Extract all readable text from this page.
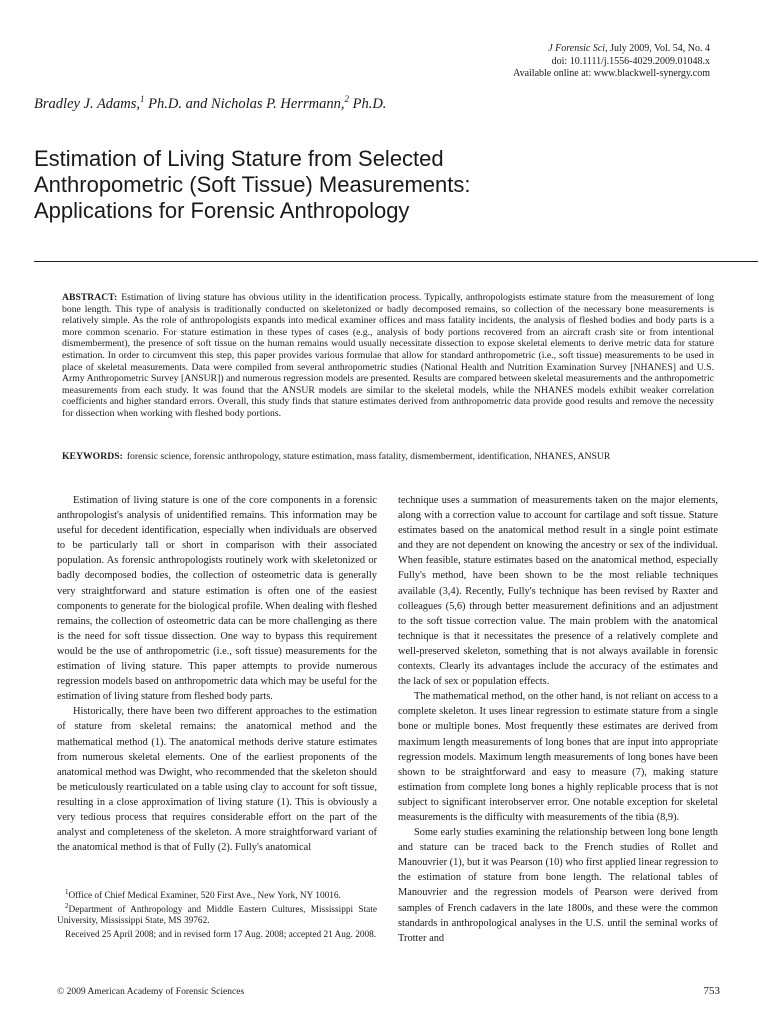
J Forensic Sci, July 2009, Vol. 54, No. 4
doi: 10.1111/j.1556-4029.2009.01048.x
Available online at: www.blackwell-synergy.com
Bradley J. Adams,$^1$ Ph.D. and Nicholas P. Herrmann,$^2$ Ph.D.
Estimation of Living Stature from Selected
Anthropometric (Soft Tissue) Measurements:
Applications for Forensic Anthropology
ABSTRACT: Estimation of living stature has obvious utility in the identification process. Typically, anthropologists estimate stature from the measurement of long bone length. This type of analysis is traditionally conducted on skeletonized or badly decomposed remains, so collection of the necessary bone measurements is relatively simple. As the role of anthropologists expands into medical examiner offices and mass fatality incidents, the analysis of fleshed bodies and body parts is a more common scenario. For stature estimation in these types of cases (e.g., analysis of body portions recovered from an aircraft crash site or from intentional dismemberment), the presence of soft tissue on the human remains would usually necessitate dissection to expose skeletal elements to derive metric data for stature estimation. In order to circumvent this step, this paper provides various formulae that allow for standard anthropometric (i.e., soft tissue) measurements to be used in place of skeletal measurements. Data were compiled from several anthropometric studies (National Health and Nutrition Examination Survey [NHANES] and U.S. Army Anthropometric Survey [ANSUR]) and numerous regression models are presented. Results are compared between skeletal measurements and the anthropometric measurements from each study. It was found that the ANSUR models are similar to the skeletal models, while the NHANES models exhibit weaker correlation coefficients and higher standard errors. Overall, this study finds that stature estimates derived from anthropometric data provide good results and remove the necessity for dissection when working with fleshed body portions.
KEYWORDS: forensic science, forensic anthropology, stature estimation, mass fatality, dismemberment, identification, NHANES, ANSUR

Estimation of living stature is one of the core components in a forensic anthropologist's analysis of unidentified remains. This information may be useful for decedent identification, especially when individuals are observed to be particularly tall or short in comparison with their associated population. As forensic anthropologists routinely work with skeletonized or badly decomposed bodies, the collection of osteometric data is generally very straightforward and stature estimation is often one of the easiest components to generate for the biological profile. When dealing with fleshed remains, the collection of osteometric data can be more challenging as there is the need for soft tissue dissection. One way to bypass this requirement would be the use of anthropometric (i.e., soft tissue) measurements for the estimation of living stature. This paper attempts to provide numerous regression models based on anthropometric data which may be useful for the estimation of living stature from fleshed body parts.

Historically, there have been two different approaches to the estimation of stature from skeletal remains: the anatomical method and the mathematical method (1). The anatomical methods derive stature estimates from numerous skeletal elements. One of the earliest proponents of the anatomical method was Dwight, who recommended that the skeleton should be meticulously rearticulated on a table using clay to account for soft tissue, resulting in a close approximation of living stature (1). This is obviously a very tedious process that requires considerable effort on the part of the analyst and completeness of the skeleton. A more straightforward variant of the anatomical method is that of Fully (2). Fully's anatomical

technique uses a summation of measurements taken on the major elements, along with a correction value to account for cartilage and soft tissue. Stature estimates based on the anatomical method result in a single point estimate and they are not dependent on knowing the ancestry or sex of the individual. When feasible, stature estimates based on the anatomical method, especially Fully's method, have been shown to be the most reliable techniques available (3,4). Recently, Fully's technique has been revised by Raxter and colleagues (5,6) through better measurement definitions and an adjustment to the soft tissue correction value. The main problem with the anatomical technique is that it necessitates the presence of a relatively complete and well-preserved skeleton, something that is not always available in forensic contexts. Clearly its advantages include the accuracy of the estimates and the lack of sex or population effects.

The mathematical method, on the other hand, is not reliant on access to a complete skeleton. It uses linear regression to estimate stature from a single bone or multiple bones. Most frequently these estimates are derived from maximum length measurements of long bones that are input into appropriate regression models. Maximum length measurements of long bones have been shown to be straightforward and easy to measure (7), making stature estimation from complete long bones a highly replicable process that is not subject to significant interobserver error. One notable exception for skeletal measurements is the difficulty with measurements of the tibia (8,9).

Some early studies examining the relationship between long bone length and stature can be traced back to the French studies of Rollet and Manouvrier (1), but it was Pearson (10) who first applied linear regression to the estimation of stature from bone length. The relational tables of Manouvrier and the regression models of Pearson were derived from samples of French cadavers in the late 1800s, and these were the common standards in anthropological analyses in the U.S. until the seminal works of Trotter and

$^1$Office of Chief Medical Examiner, 520 First Ave., New York, NY 10016.

$^2$Department of Anthropology and Middle Eastern Cultures, Mississippi State University, Mississippi State, MS 39762.

Received 25 April 2008; and in revised form 17 Aug. 2008; accepted 21 Aug. 2008.

© 2009 American Academy of Forensic Sciences	753
